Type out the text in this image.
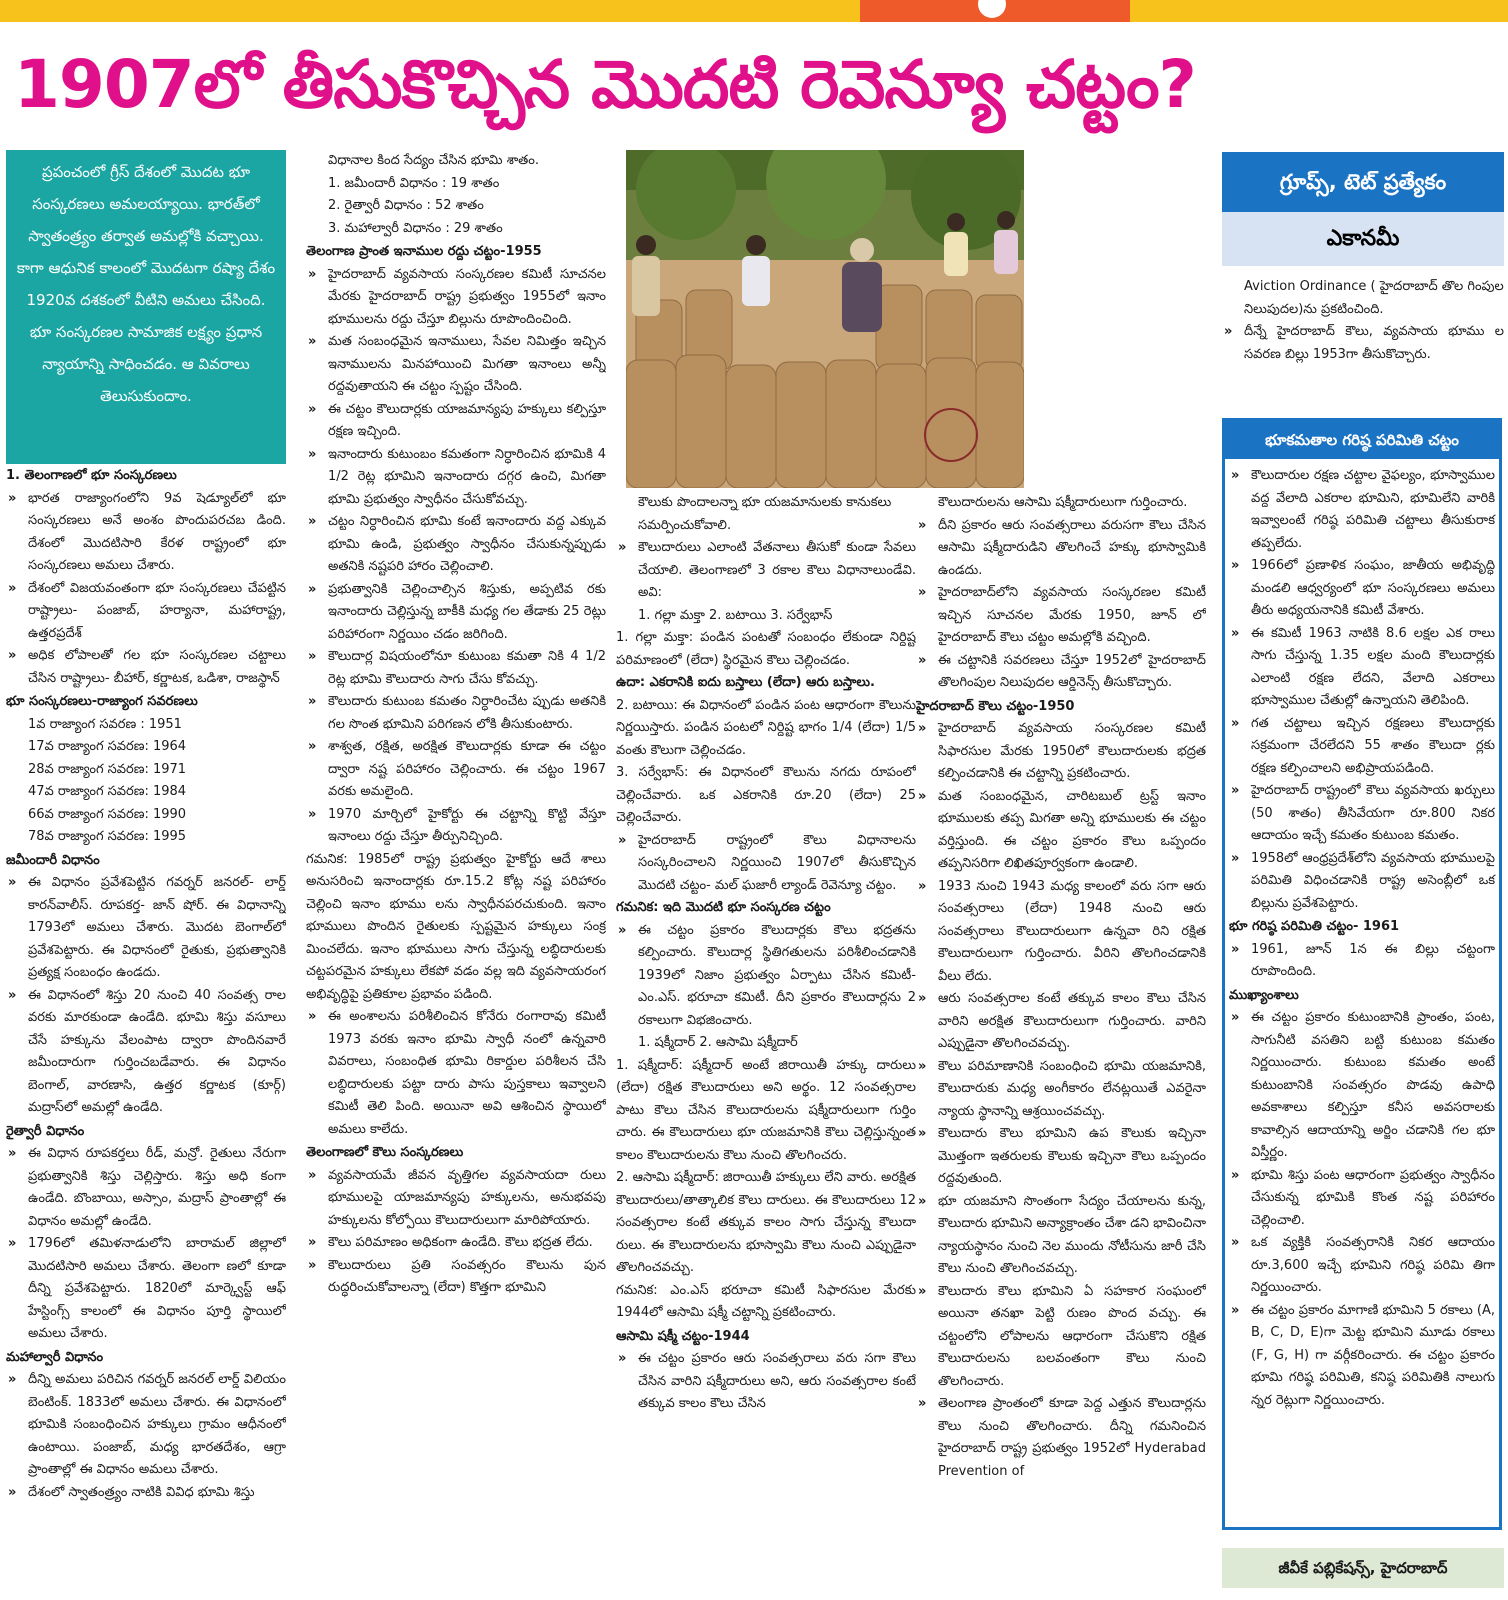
1907లో తీసుకొచ్చిన మొదటి రెవెన్యూ చట్టం?
ప్రపంచంలో గ్రీస్ దేశంలో మొదట భూ సంస్కరణలు అమలయ్యాయి. భారత్‌లో స్వాతంత్ర్యం తర్వాత అమల్లోకి వచ్చాయి. కాగా ఆధునిక కాలంలో మొదటగా రష్యా దేశం 1920వ దశకంలో వీటిని అమలు చేసింది. భూ సంస్కరణల సామాజిక లక్ష్యం ప్రధాన న్యాయాన్ని సాధించడం. ఆ వివరాలు తెలుసుకుందాం.

1. తెలంగాణలో భూ సంస్కరణలు

» భారత రాజ్యాంగంలోని 9వ షెడ్యూల్‌లో భూ సంస్కరణలు అనే అంశం పొందుపరచబ డింది. దేశంలో మొదటిసారి కేరళ రాష్ట్రంలో భూ సంస్కరణలు అమలు చేశారు.

» దేశంలో విజయవంతంగా భూ సంస్కరణలు చేపట్టిన రాష్ట్రాలు- పంజాబ్, హర్యానా, మహారాష్ట్ర, ఉత్తరప్రదేశ్

» అధిక లోపాలతో గల భూ సంస్కరణల చట్టాలు చేసిన రాష్ట్రాలు- బీహార్, కర్ణాటక, ఒడిశా, రాజస్థాన్

భూ సంస్కరణలు-రాజ్యాంగ సవరణలు

1వ రాజ్యాంగ సవరణ : 1951

17వ రాజ్యాంగ సవరణ: 1964

28వ రాజ్యాంగ సవరణ: 1971

47వ రాజ్యాంగ సవరణ: 1984

66వ రాజ్యాంగ సవరణ: 1990

78వ రాజ్యాంగ సవరణ: 1995

జమీందారీ విధానం

» ఈ విధానం ప్రవేశపెట్టిన గవర్నర్ జనరల్- లార్డ్ కారన్‌వాలీస్. రూపకర్త- జాన్ షోర్. ఈ విధానాన్ని 1793లో అమలు చేశారు. మొదట బెంగాల్‌లో ప్రవేశపెట్టారు. ఈ విధానంలో రైతుకు, ప్రభుత్వానికి ప్రత్యక్ష సంబంధం ఉండదు.

» ఈ విధానంలో శిస్తు 20 నుంచి 40 సంవత్స రాల వరకు మారకుండా ఉండేది. భూమి శిస్తు వసూలు చేసే హక్కును వేలంపాట ద్వారా పొందినవారే జమీందారుగా గుర్తించబడేవారు. ఈ విధానం బెంగాల్, వారణాసి, ఉత్తర కర్ణాటక (కూర్గ్) మద్రాస్‌లో అమల్లో ఉండేది.

రైత్వారీ విధానం

» ఈ విధాన రూపకర్తలు రీడ్, మన్రో. రైతులు నేరుగా ప్రభుత్వానికి శిస్తు చెల్లిస్తారు. శిస్తు అధి కంగా ఉండేది. బొంబాయి, అస్సాం, మద్రాస్ ప్రాంతాల్లో ఈ విధానం అమల్లో ఉండేది.

» 1796లో తమిళనాడులోని బారామల్ జిల్లాలో మొదటిసారి అమలు చేశారు. తెలంగా ణలో కూడా దీన్ని ప్రవేశపెట్టారు. 1820లో మార్క్వెస్ట్ ఆఫ్ హేస్టింగ్స్ కాలంలో ఈ విధానం పూర్తి స్థాయిలో అమలు చేశారు.

మహాల్వారీ విధానం

» దీన్ని అమలు పరిచిన గవర్నర్ జనరల్ లార్డ్ విలియం బెంటింక్. 1833లో అమలు చేశారు. ఈ విధానంలో భూమికి సంబంధించిన హక్కులు గ్రామం ఆధీనంలో ఉంటాయి. పంజాబ్, మధ్య భారతదేశం, ఆగ్రా ప్రాంతాల్లో ఈ విధానం అమలు చేశారు.

» దేశంలో స్వాతంత్ర్యం నాటికి వివిధ భూమి శిస్తు

విధానాల కింద సేద్యం చేసిన భూమి శాతం.

1. జమీందారీ విధానం : 19 శాతం

2. రైత్వారీ విధానం : 52 శాతం

3. మహాల్వారీ విధానం : 29 శాతం

తెలంగాణ ప్రాంత ఇనాముల రద్దు చట్టం-1955

» హైదరాబాద్ వ్యవసాయ సంస్కరణల కమిటీ సూచనల మేరకు హైదరాబాద్ రాష్ట్ర ప్రభుత్వం 1955లో ఇనాం భూములను రద్దు చేస్తూ బిల్లును రూపొందించింది.

» మత సంబంధమైన ఇనాములు, సేవల నిమిత్తం ఇచ్చిన ఇనాములను మినహాయించి మిగతా ఇనాంలు అన్నీ రద్దవుతాయని ఈ చట్టం స్పష్టం చేసింది.

» ఈ చట్టం కౌలుదార్లకు యాజమాన్యపు హక్కులు కల్పిస్తూ రక్షణ ఇచ్చింది.

» ఇనాందారు కుటుంబం కమతంగా నిర్ధారించిన భూమికి 4 1/2 రెట్ల భూమిని ఇనాందారు దగ్గర ఉంచి, మిగతా భూమి ప్రభుత్వం స్వాధీనం చేసుకోవచ్చు.

» చట్టం నిర్ధారించిన భూమి కంటే ఇనాందారు వద్ద ఎక్కువ భూమి ఉండి, ప్రభుత్వం స్వాధీనం చేసుకున్నప్పుడు అతనికి నష్టపరి హారం చెల్లించాలి.

» ప్రభుత్వానికి చెల్లించాల్సిన శిస్తుకు, అప్పటివ రకు ఇనాందారు చెల్లిస్తున్న బాకీకి మధ్య గల తేడాకు 25 రెట్లు పరిహారంగా నిర్ణయిం చడం జరిగింది.

» కౌలుదార్ల విషయంలోనూ కుటుంబ కమతా నికి 4 1/2 రెట్ల భూమి కౌలుదారు సాగు చేసు కోవచ్చు.

» కౌలుదారు కుటుంబ కమతం నిర్ధారించేట ప్పుడు అతనికి గల సొంత భూమిని పరిగణన లోకి తీసుకుంటారు.

» శాశ్వత, రక్షిత, అరక్షిత కౌలుదార్లకు కూడా ఈ చట్టం ద్వారా నష్ట పరిహారం చెల్లించారు. ఈ చట్టం 1967 వరకు అమలైంది.

» 1970 మార్చిలో హైకోర్టు ఈ చట్టాన్ని కొట్టి వేస్తూ ఇనాంలు రద్దు చేస్తూ తీర్పునిచ్చింది.

గమనిక: 1985లో రాష్ట్ర ప్రభుత్వం హైకోర్టు ఆదే శాలు అనుసరించి ఇనాందార్లకు రూ.15.2 కోట్ల నష్ట పరిహారం చెల్లించి ఇనాం భూము లను స్వాధీనపరచుకుంది. ఇనాం భూములు పొందిన రైతులకు స్పష్టమైన హక్కులు సంక్ర మించలేదు. ఇనాం భూములు సాగు చేస్తున్న లబ్ధిదారులకు చట్టపరమైన హక్కులు లేకపో వడం వల్ల ఇది వ్యవసాయరంగ అభివృద్ధిపై ప్రతికూల ప్రభావం పడింది.

» ఈ అంశాలను పరిశీలించిన కోనేరు రంగారావు కమిటీ 1973 వరకు ఇనాం భూమి స్వాధీ నంలో ఉన్నవారి వివరాలు, సంబంధిత భూమి రికార్డుల పరిశీలన చేసి లబ్ధిదారులకు పట్టా దారు పాసు పుస్తకాలు ఇవ్వాలని కమిటీ తెలి పింది. అయినా అవి ఆశించిన స్థాయిలో అమలు కాలేదు.

తెలంగాణలో కౌలు సంస్కరణలు

» వ్యవసాయమే జీవన వృత్తిగల వ్యవసాయదా రులు భూములపై యాజమాన్యపు హక్కులను, అనుభవపు హక్కులను కోల్పోయి కౌలుదారులుగా మారిపోయారు.

» కౌలు పరిమాణం అధికంగా ఉండేది. కౌలు భద్రత లేదు.

» కౌలుదారులు ప్రతి సంవత్సరం కౌలును పున రుద్ధరించుకోవాలన్నా (లేదా) కొత్తగా భూమిని

కౌలుకు పొందాలన్నా భూ యజమానులకు కానుకలు సమర్పించుకోవాలి.

» కౌలుదారులు ఎలాంటి వేతనాలు తీసుకో కుండా సేవలు చేయాలి. తెలంగాణలో 3 రకాల కౌలు విధానాలుండేవి. అవి:

1. గల్లా మక్తా 2. బటాయి 3. సర్వేభాస్

1. గల్లా మక్తా: పండిన పంటతో సంబంధం లేకుండా నిర్దిష్ట పరిమాణంలో (లేదా) స్థిరమైన కౌలు చెల్లించడం.

ఉదా: ఎకరానికి ఐదు బస్తాలు (లేదా) ఆరు బస్తాలు.

2. బటాయి: ఈ విధానంలో పండిన పంట ఆధారంగా కౌలును నిర్ణయిస్తారు. పండిన పంటలో నిర్దిష్ట భాగం 1/4 (లేదా) 1/5 వంతు కౌలుగా చెల్లించడం.

3. సర్వేభాస్: ఈ విధానంలో కౌలును నగదు రూపంలో చెల్లించేవారు. ఒక ఎకరానికి రూ.20 (లేదా) 25 చెల్లించేవారు.

» హైదరాబాద్ రాష్ట్రంలో కౌలు విధానాలను సంస్కరించాలని నిర్ణయించి 1907లో తీసుకొచ్చిన మొదటి చట్టం- మల్ ఘజారీ ల్యాండ్ రెవెన్యూ చట్టం.

గమనిక: ఇది మొదటి భూ సంస్కరణ చట్టం

» ఈ చట్టం ప్రకారం కౌలుదార్లకు కౌలు భద్రతను కల్పించారు. కౌలుదార్ల స్థితిగతులను పరిశీలించడానికి 1939లో నిజాం ప్రభుత్వం ఏర్పాటు చేసిన కమిటీ- ఎం.ఎస్. భరూచా కమిటీ. దీని ప్రకారం కౌలుదార్లను 2 రకాలుగా విభజించారు.

1. షక్మీదార్ 2. ఆసామి షక్మీదార్

1. షక్మీదార్: షక్మీదార్ అంటే జిరాయితీ హక్కు దారులు (లేదా) రక్షిత కౌలుదారులు అని అర్థం. 12 సంవత్సరాల పాటు కౌలు చేసిన కౌలుదారులను షక్మీదారులుగా గుర్తిం చారు. ఈ కౌలుదారులు భూ యజమానికి కౌలు చెల్లిస్తున్నంత కాలం కౌలుదారులను కౌలు నుంచి తొలగించరు.

2. ఆసామి షక్మీదార్: జిరాయితీ హక్కులు లేని వారు. అరక్షిత కౌలుదారులు/తాత్కాలిక కౌలు దారులు. ఈ కౌలుదారులు 12 సంవత్సరాల కంటే తక్కువ కాలం సాగు చేస్తున్న కౌలుదా రులు. ఈ కౌలుదారులను భూస్వామి కౌలు నుంచి ఎప్పుడైనా తొలగించవచ్చు.

గమనిక: ఎం.ఎస్ భరూచా కమిటీ సిఫారసుల మేరకు 1944లో ఆసామి షక్మీ చట్టాన్ని ప్రకటించారు.

ఆసామి షక్మీ చట్టం-1944

» ఈ చట్టం ప్రకారం ఆరు సంవత్సరాలు వరు సగా కౌలు చేసిన వారిని షక్మీదారులు అని, ఆరు సంవత్సరాల కంటే తక్కువ కాలం కౌలు చేసిన

కౌలుదారులను ఆసామి షక్మీదారులుగా గుర్తించారు.

» దీని ప్రకారం ఆరు సంవత్సరాలు వరుసగా కౌలు చేసిన ఆసామి షక్మీదారుడిని తొలగించే హక్కు భూస్వామికి ఉండదు.

» హైదరాబాద్‌లోని వ్యవసాయ సంస్కరణల కమిటీ ఇచ్చిన సూచనల మేరకు 1950, జూన్ లో హైదరాబాద్ కౌలు చట్టం అమల్లోకి వచ్చింది.

» ఈ చట్టానికి సవరణలు చేస్తూ 1952లో హైదరాబాద్ తొలగింపుల నిలుపుదల ఆర్డినెన్స్ తీసుకొచ్చారు.

హైదరాబాద్ కౌలు చట్టం-1950

» హైదరాబాద్ వ్యవసాయ సంస్కరణల కమిటీ సిఫారసుల మేరకు 1950లో కౌలుదారులకు భద్రత కల్పించడానికి ఈ చట్టాన్ని ప్రకటించారు.

» మత సంబంధమైన, చారిటబుల్ ట్రస్ట్ ఇనాం భూములకు తప్ప మిగతా అన్ని భూములకు ఈ చట్టం వర్తిస్తుంది. ఈ చట్టం ప్రకారం కౌలు ఒప్పందం తప్పనిసరిగా లిఖితపూర్వకంగా ఉండాలి.

» 1933 నుంచి 1943 మధ్య కాలంలో వరు సగా ఆరు సంవత్సరాలు (లేదా) 1948 నుంచి ఆరు సంవత్సరాలు కౌలుదారులుగా ఉన్నవా రిని రక్షిత కౌలుదారులుగా గుర్తించారు. వీరిని తొలగించడానికి వీలు లేదు.

» ఆరు సంవత్సరాల కంటే తక్కువ కాలం కౌలు చేసిన వారిని అరక్షిత కౌలుదారులుగా గుర్తించారు. వారిని ఎప్పుడైనా తొలగించవచ్చు.

» కౌలు పరిమాణానికి సంబంధించి భూమి యజమానికి, కౌలుదారుకు మధ్య అంగీకారం లేనట్లయితే ఎవరైనా న్యాయ స్థానాన్ని ఆశ్రయించవచ్చు.

» కౌలుదారు కౌలు భూమిని ఉప కౌలుకు ఇచ్చినా మొత్తంగా ఇతరులకు కౌలుకు ఇచ్చినా కౌలు ఒప్పందం రద్దవుతుంది.

» భూ యజమాని సొంతంగా సేద్యం చేయాలను కున్న, కౌలుదారు భూమిని అన్యాక్రాంతం చేశా డని భావించినా న్యాయస్థానం నుంచి నెల ముందు నోటీసును జారీ చేసి కౌలు నుంచి తొలగించవచ్చు.

» కౌలుదారు కౌలు భూమిని ఏ సహకార సంఘంలో అయినా తనఖా పెట్టి రుణం పొంద వచ్చు. ఈ చట్టంలోని లోపాలను ఆధారంగా చేసుకొని రక్షిత కౌలుదారులను బలవంతంగా కౌలు నుంచి తొలగించారు.

» తెలంగాణ ప్రాంతంలో కూడా పెద్ద ఎత్తున కౌలుదార్లను కౌలు నుంచి తొలగించారు. దీన్ని గమనించిన హైదరాబాద్ రాష్ట్ర ప్రభుత్వం 1952లో Hyderabad Prevention of

గ్రూప్స్, టెట్ ప్రత్యేకం
ఎకానమీ

Aviction Ordinance ( హైదరాబాద్ తొల గింపుల నిలుపుదల)ను ప్రకటించింది.

» దీన్నే హైదరాబాద్ కౌలు, వ్యవసాయ భూము ల సవరణ బిల్లు 1953గా తీసుకొచ్చారు.

భూకమతాల గరిష్ఠ పరిమితి చట్టం

» కౌలుదారుల రక్షణ చట్టాల వైఫల్యం, భూస్వాముల వద్ద వేలాది ఎకరాల భూమిని, భూమిలేని వారికి ఇవ్వాలంటే గరిష్ఠ పరిమితి చట్టాలు తీసుకురాక తప్పలేదు.

» 1966లో ప్రణాళిక సంఘం, జాతీయ అభివృద్ధి మండలి ఆధ్వర్యంలో భూ సంస్కరణలు అమలు తీరు అధ్యయనానికి కమిటీ వేశారు.

» ఈ కమిటీ 1963 నాటికి 8.6 లక్షల ఎక రాలు సాగు చేస్తున్న 1.35 లక్షల మంది కౌలుదార్లకు ఎలాంటి రక్షణ లేదని, వేలాది ఎకరాలు భూస్వాముల చేతుల్లో ఉన్నాయని తెలిపింది.

» గత చట్టాలు ఇచ్చిన రక్షణలు కౌలుదార్లకు సక్రమంగా చేరలేదని 55 శాతం కౌలుదా ర్లకు రక్షణ కల్పించాలని అభిప్రాయపడింది.

» హైదరాబాద్ రాష్ట్రంలో కౌలు వ్యవసాయ ఖర్చులు (50 శాతం) తీసివేయగా రూ.800 నికర ఆదాయం ఇచ్చే కమతం కుటుంబ కమతం.

» 1958లో ఆంధ్రప్రదేశ్‌లోని వ్యవసాయ భూములపై పరిమితి విధించడానికి రాష్ట్ర అసెంబ్లీలో ఒక బిల్లును ప్రవేశపెట్టారు.

భూ గరిష్ఠ పరిమితి చట్టం- 1961

» 1961, జూన్ 1న ఈ బిల్లు చట్టంగా రూపొందింది.

ముఖ్యాంశాలు

» ఈ చట్టం ప్రకారం కుటుంబానికి ప్రాంతం, పంట, సాగునీటి వసతిని బట్టి కుటుంబ కమతం నిర్ణయించారు. కుటుంబ కమతం అంటే కుటుంబానికి సంవత్సరం పొడవు ఉపాధి అవకాశాలు కల్పిస్తూ కనీస అవసరాలకు కావాల్సిన ఆదాయాన్ని అర్జిం చడానికి గల భూ విస్తీర్ణం.

» భూమి శిస్తు పంట ఆధారంగా ప్రభుత్వం స్వాధీనం చేసుకున్న భూమికి కొంత నష్ట పరిహారం చెల్లించాలి.

» ఒక వ్యక్తికి సంవత్సరానికి నికర ఆదాయం రూ.3,600 ఇచ్చే భూమిని గరిష్ఠ పరిమి తిగా నిర్ణయించారు.

» ఈ చట్టం ప్రకారం మాగాణి భూమిని 5 రకాలు (A, B, C, D, E)గా మెట్ట భూమిని మూడు రకాలు (F, G, H) గా వర్గీకరించారు. ఈ చట్టం ప్రకారం భూమి గరిష్ఠ పరిమితి, కనిష్ఠ పరిమితికి నాలుగు న్నర రెట్లుగా నిర్ణయించారు.

జీవీకే పబ్లికేషన్స్, హైదరాబాద్
